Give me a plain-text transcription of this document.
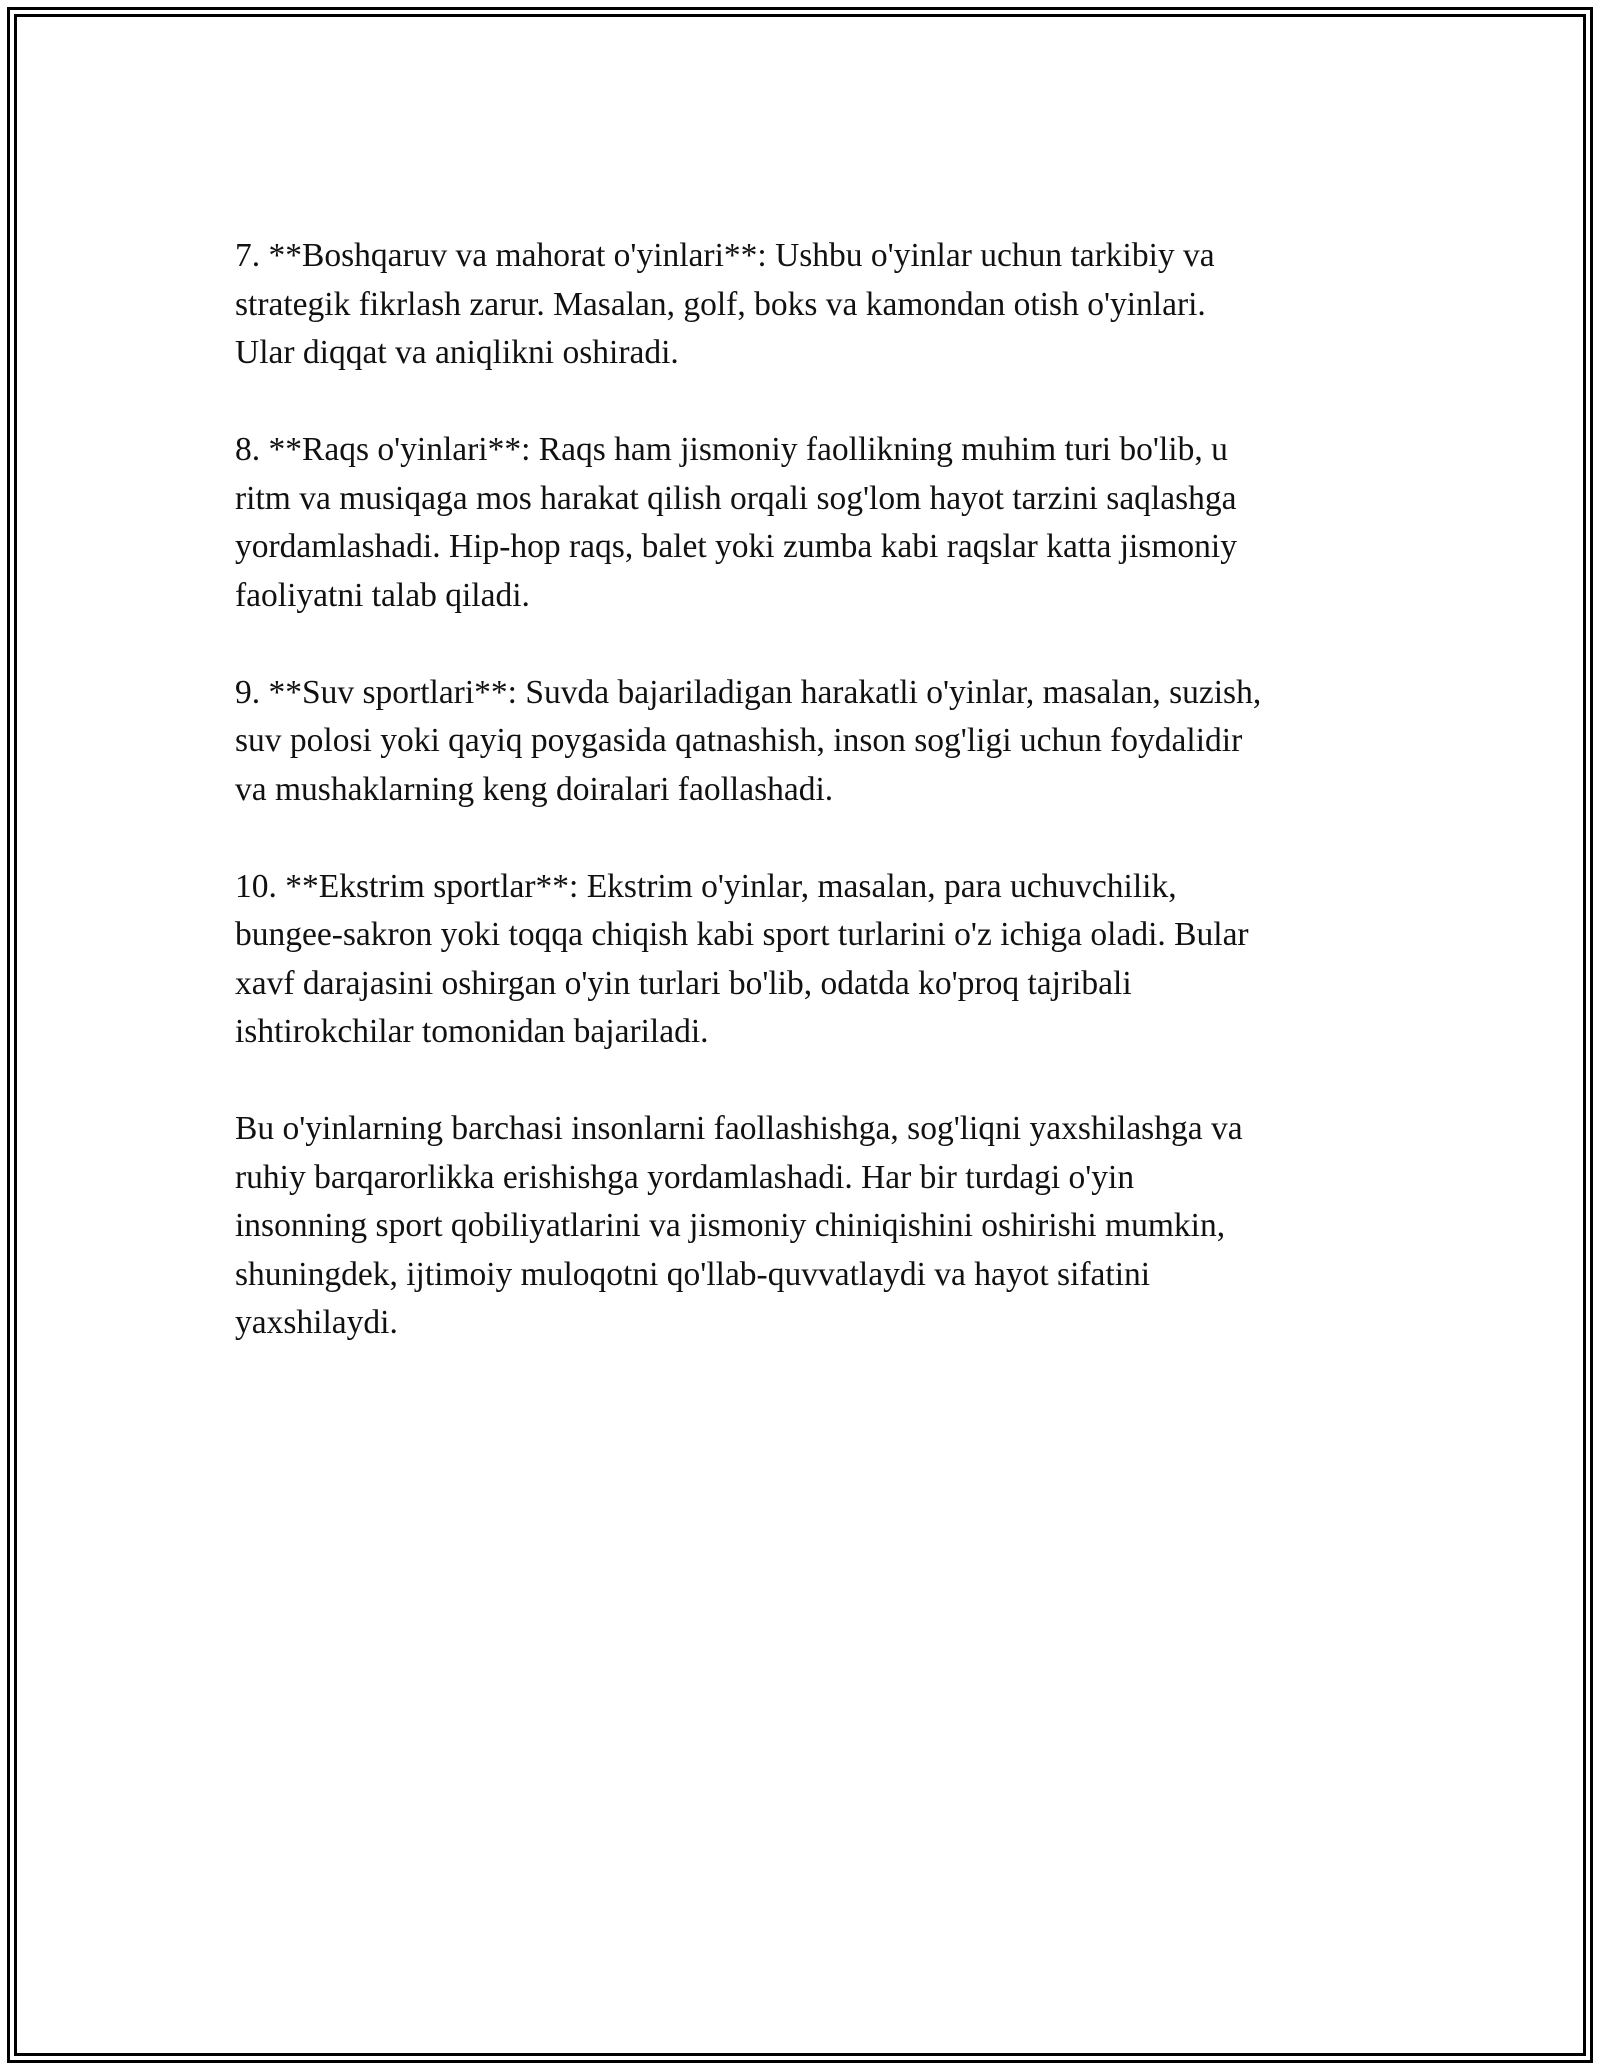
7. **Boshqaruv va mahorat o'yinlari**: Ushbu o'yinlar uchun tarkibiy va
strategik fikrlash zarur. Masalan, golf, boks va kamondan otish o'yinlari.
Ular diqqat va aniqlikni oshiradi.

8. **Raqs o'yinlari**: Raqs ham jismoniy faollikning muhim turi bo'lib, u
ritm va musiqaga mos harakat qilish orqali sog'lom hayot tarzini saqlashga
yordamlashadi. Hip-hop raqs, balet yoki zumba kabi raqslar katta jismoniy
faoliyatni talab qiladi.

9. **Suv sportlari**: Suvda bajariladigan harakatli o'yinlar, masalan, suzish,
suv polosi yoki qayiq poygasida qatnashish, inson sog'ligi uchun foydalidir
va mushaklarning keng doiralari faollashadi.

10. **Ekstrim sportlar**: Ekstrim o'yinlar, masalan, para uchuvchilik,
bungee-sakron yoki toqqa chiqish kabi sport turlarini o'z ichiga oladi. Bular
xavf darajasini oshirgan o'yin turlari bo'lib, odatda ko'proq tajribali
ishtirokchilar tomonidan bajariladi.

Bu o'yinlarning barchasi insonlarni faollashishga, sog'liqni yaxshilashga va
ruhiy barqarorlikka erishishga yordamlashadi. Har bir turdagi o'yin
insonning sport qobiliyatlarini va jismoniy chiniqishini oshirishi mumkin,
shuningdek, ijtimoiy muloqotni qo'llab-quvvatlaydi va hayot sifatini
yaxshilaydi.
